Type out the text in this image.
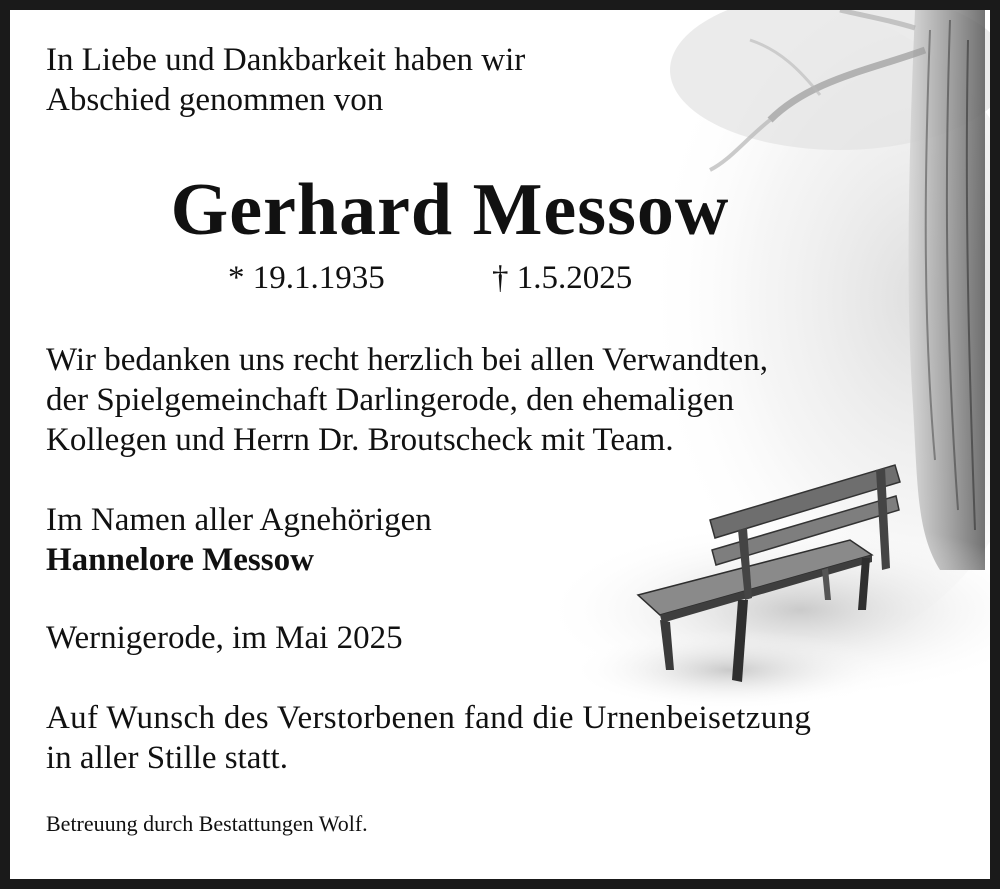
In Liebe und Dankbarkeit haben wir
Abschied genommen von

Gerhard Messow
* 19.1.1935	† 1.5.2025

Wir bedanken uns recht herzlich bei allen Verwandten,
der Spielgemeinchaft Darlingerode, den ehemaligen
Kollegen und Herrn Dr. Broutscheck mit Team.

Im Namen aller Agnehörigen
Hannelore Messow
Wernigerode, im Mai 2025

Auf Wunsch des Verstorbenen fand die Urnenbeisetzung
in aller Stille statt.

Betreuung durch Bestattungen Wolf.
